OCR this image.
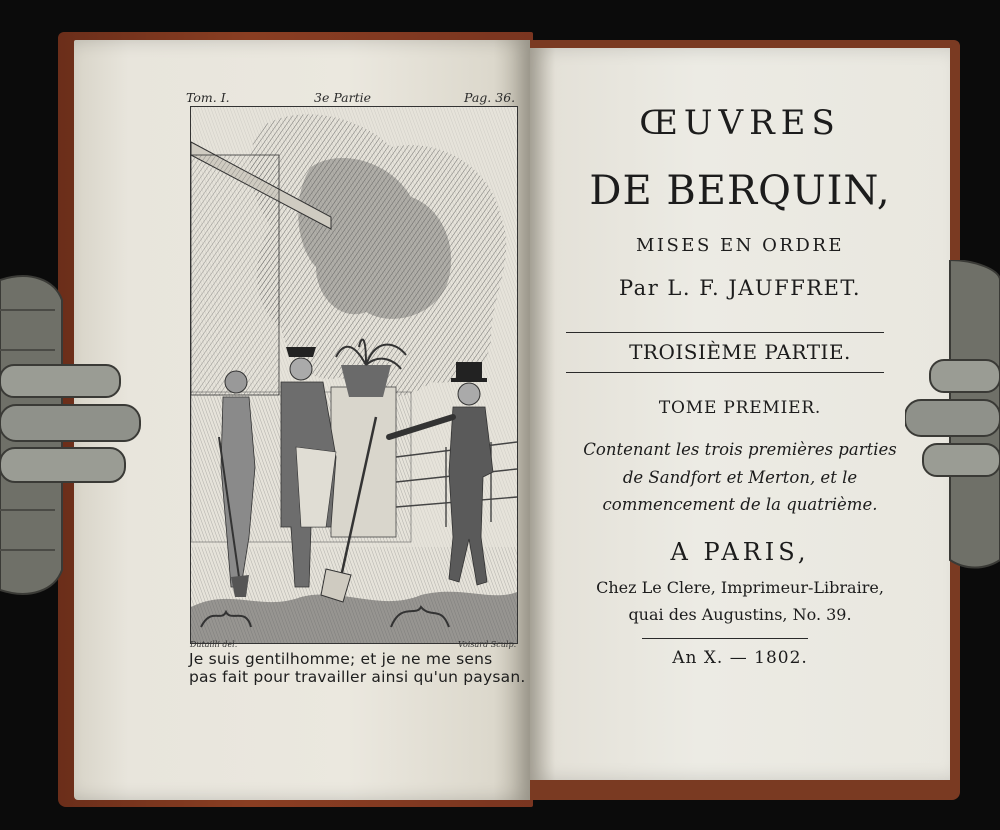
Tom. I.	3e Partie	Pag. 36.
Dutailli del.	Voisard Sculp.
Je suis gentilhomme; et je ne me sens
pas fait pour travailler ainsi qu'un paysan.
ŒUVRES
DE BERQUIN,
MISES EN ORDRE
Par L. F. JAUFFRET.
TROISIÈME PARTIE.
TOME PREMIER.
Contenant les trois premières parties
de Sandfort et Merton, et le
commencement de la quatrième.
A PARIS,
Chez Le Clere, Imprimeur-Libraire,
quai des Augustins, No. 39.
An X. — 1802.
